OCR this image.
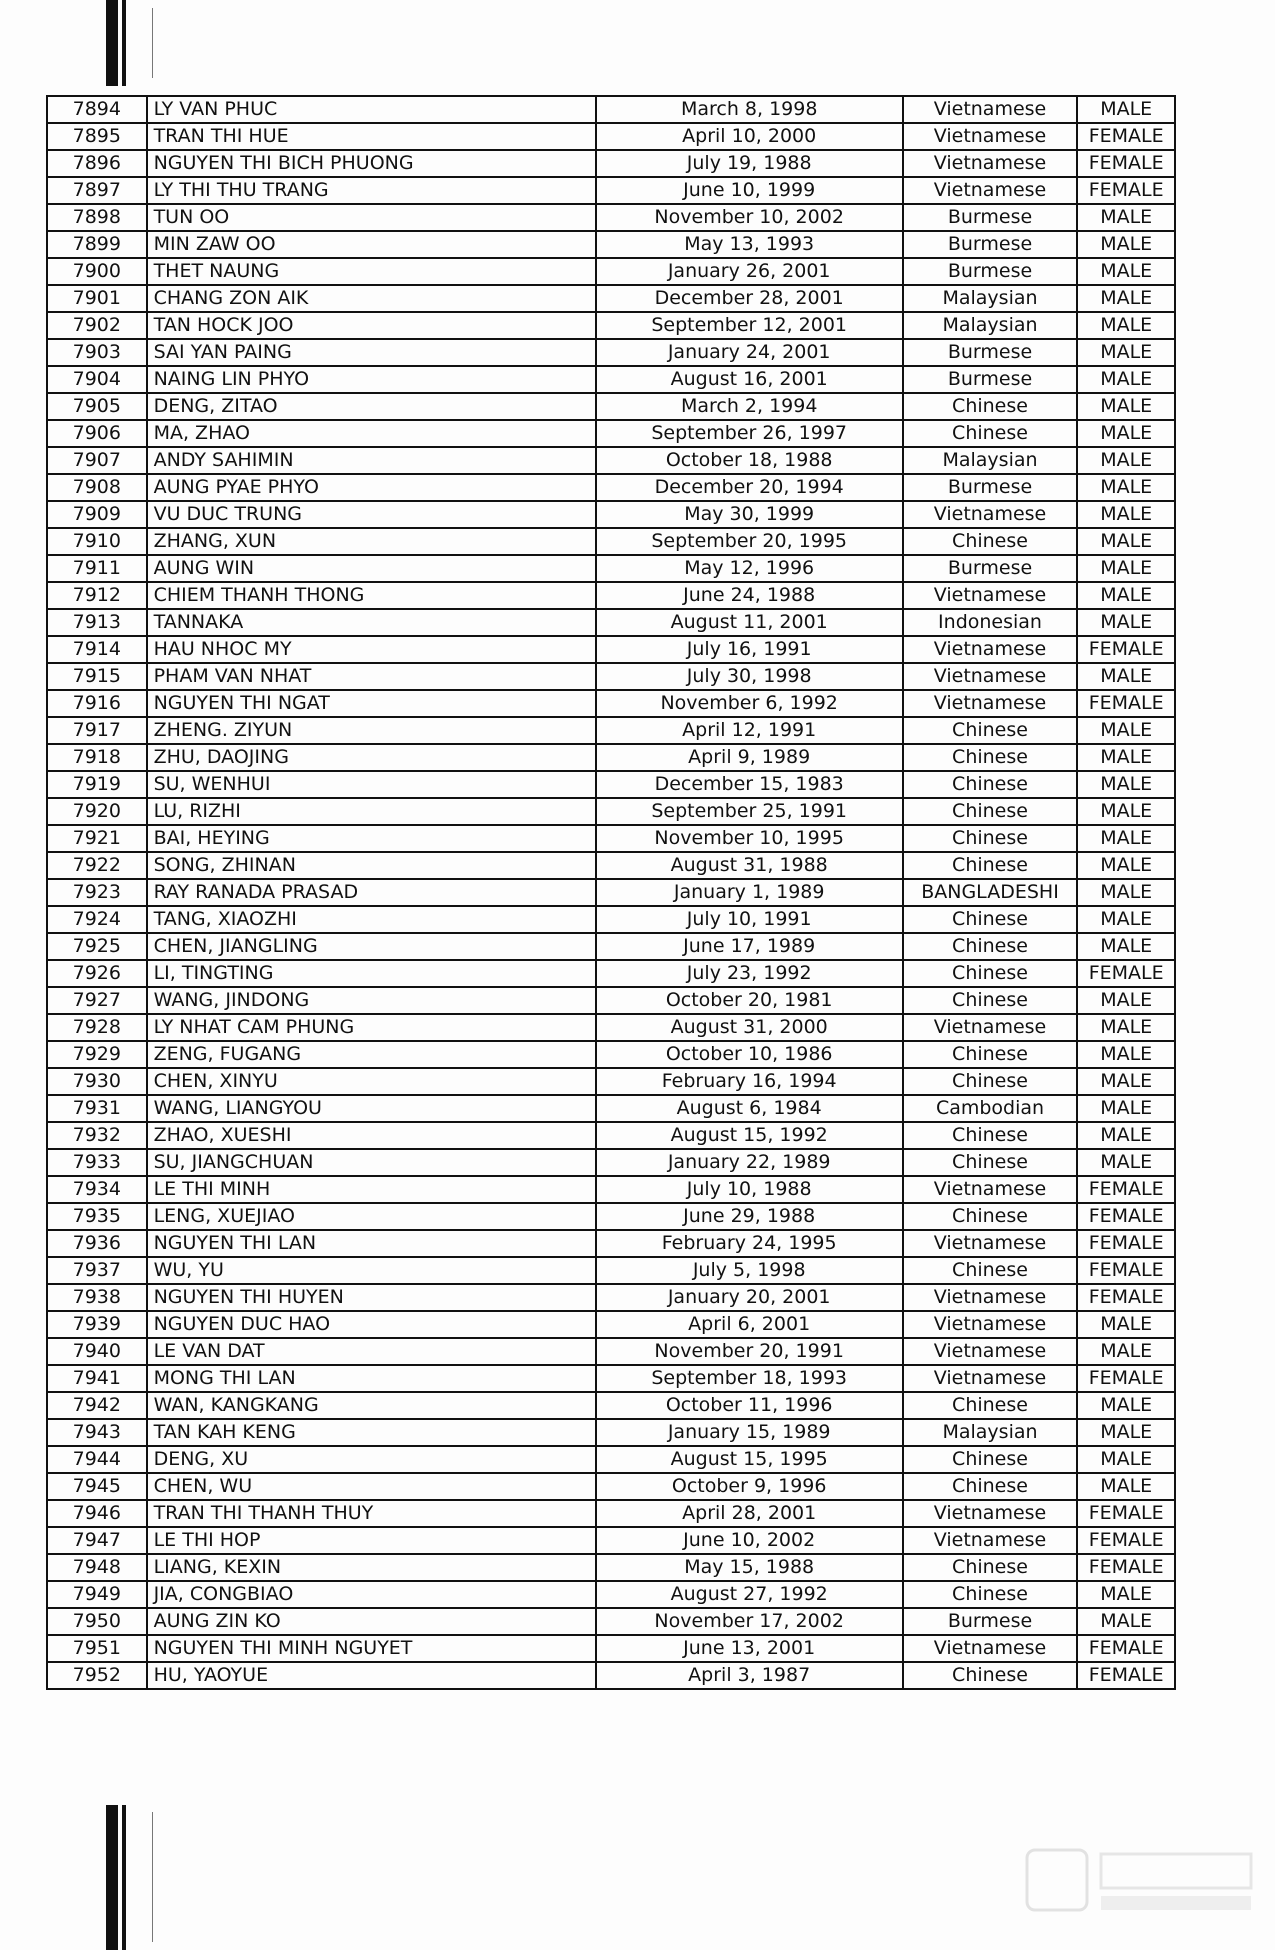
7894	LY VAN PHUC	March 8, 1998	Vietnamese	MALE
7895	TRAN THI HUE	April 10, 2000	Vietnamese	FEMALE
7896	NGUYEN THI BICH PHUONG	July 19, 1988	Vietnamese	FEMALE
7897	LY THI THU TRANG	June 10, 1999	Vietnamese	FEMALE
7898	TUN OO	November 10, 2002	Burmese	MALE
7899	MIN ZAW OO	May 13, 1993	Burmese	MALE
7900	THET NAUNG	January 26, 2001	Burmese	MALE
7901	CHANG ZON AIK	December 28, 2001	Malaysian	MALE
7902	TAN HOCK JOO	September 12, 2001	Malaysian	MALE
7903	SAI YAN PAING	January 24, 2001	Burmese	MALE
7904	NAING LIN PHYO	August 16, 2001	Burmese	MALE
7905	DENG, ZITAO	March 2, 1994	Chinese	MALE
7906	MA, ZHAO	September 26, 1997	Chinese	MALE
7907	ANDY SAHIMIN	October 18, 1988	Malaysian	MALE
7908	AUNG PYAE PHYO	December 20, 1994	Burmese	MALE
7909	VU DUC TRUNG	May 30, 1999	Vietnamese	MALE
7910	ZHANG, XUN	September 20, 1995	Chinese	MALE
7911	AUNG WIN	May 12, 1996	Burmese	MALE
7912	CHIEM THANH THONG	June 24, 1988	Vietnamese	MALE
7913	TANNAKA	August 11, 2001	Indonesian	MALE
7914	HAU NHOC MY	July 16, 1991	Vietnamese	FEMALE
7915	PHAM VAN NHAT	July 30, 1998	Vietnamese	MALE
7916	NGUYEN THI NGAT	November 6, 1992	Vietnamese	FEMALE
7917	ZHENG. ZIYUN	April 12, 1991	Chinese	MALE
7918	ZHU, DAOJING	April 9, 1989	Chinese	MALE
7919	SU, WENHUI	December 15, 1983	Chinese	MALE
7920	LU, RIZHI	September 25, 1991	Chinese	MALE
7921	BAI, HEYING	November 10, 1995	Chinese	MALE
7922	SONG, ZHINAN	August 31, 1988	Chinese	MALE
7923	RAY RANADA PRASAD	January 1, 1989	BANGLADESHI	MALE
7924	TANG, XIAOZHI	July 10, 1991	Chinese	MALE
7925	CHEN, JIANGLING	June 17, 1989	Chinese	MALE
7926	LI, TINGTING	July 23, 1992	Chinese	FEMALE
7927	WANG, JINDONG	October 20, 1981	Chinese	MALE
7928	LY NHAT CAM PHUNG	August 31, 2000	Vietnamese	MALE
7929	ZENG, FUGANG	October 10, 1986	Chinese	MALE
7930	CHEN, XINYU	February 16, 1994	Chinese	MALE
7931	WANG, LIANGYOU	August 6, 1984	Cambodian	MALE
7932	ZHAO, XUESHI	August 15, 1992	Chinese	MALE
7933	SU, JIANGCHUAN	January 22, 1989	Chinese	MALE
7934	LE THI MINH	July 10, 1988	Vietnamese	FEMALE
7935	LENG, XUEJIAO	June 29, 1988	Chinese	FEMALE
7936	NGUYEN THI LAN	February 24, 1995	Vietnamese	FEMALE
7937	WU, YU	July 5, 1998	Chinese	FEMALE
7938	NGUYEN THI HUYEN	January 20, 2001	Vietnamese	FEMALE
7939	NGUYEN DUC HAO	April 6, 2001	Vietnamese	MALE
7940	LE VAN DAT	November 20, 1991	Vietnamese	MALE
7941	MONG THI LAN	September 18, 1993	Vietnamese	FEMALE
7942	WAN, KANGKANG	October 11, 1996	Chinese	MALE
7943	TAN KAH KENG	January 15, 1989	Malaysian	MALE
7944	DENG, XU	August 15, 1995	Chinese	MALE
7945	CHEN, WU	October 9, 1996	Chinese	MALE
7946	TRAN THI THANH THUY	April 28, 2001	Vietnamese	FEMALE
7947	LE THI HOP	June 10, 2002	Vietnamese	FEMALE
7948	LIANG, KEXIN	May 15, 1988	Chinese	FEMALE
7949	JIA, CONGBIAO	August 27, 1992	Chinese	MALE
7950	AUNG ZIN KO	November 17, 2002	Burmese	MALE
7951	NGUYEN THI MINH NGUYET	June 13, 2001	Vietnamese	FEMALE
7952	HU, YAOYUE	April 3, 1987	Chinese	FEMALE
